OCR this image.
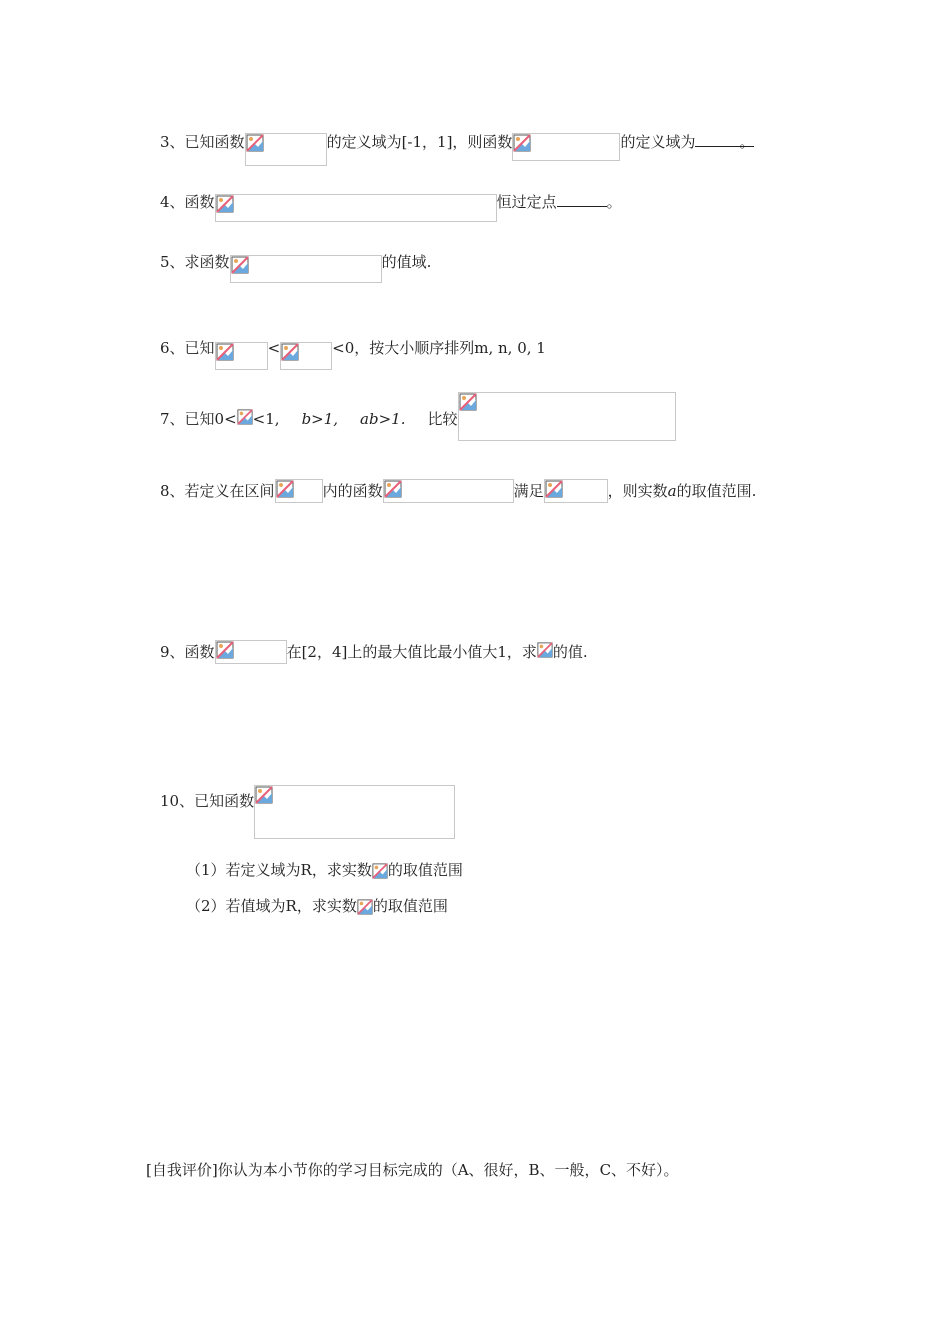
3、 已知函数	的定义域为[-1，1]，则函数	的定义域为	。
4、 函数	恒过定点	。
5、 求函数	的值域.
6、 已知	<	<0，按大小顺序排列m, n, 0, 1
7、 已知0< <1, b>1, ab>1. 比较
8、 若定义在区间	内的函数	满足	，则实数 a 的取值范围.
9、 函数	在[2，4]上的最大值比最小值大1，求 的值.
10、 已知函数
（1）若定义域为R，求实数 的取值范围
（2）若值域为R，求实数 的取值范围
[自我评价]你认为本小节你的学习目标完成的（A、很好，B、一般，C、不好）。
